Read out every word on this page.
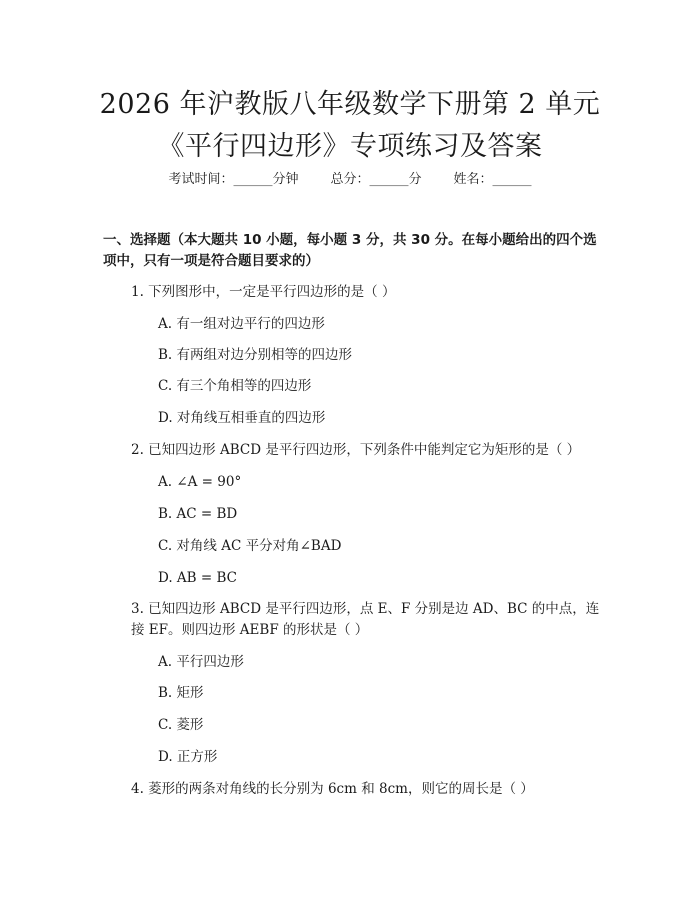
2026 年沪教版八年级数学下册第 2 单元《平行四边形》专项练习及答案
考试时间：______分钟 总分：______分 姓名：______
一、选择题（本大题共 10 小题，每小题 3 分，共 30 分。在每小题给出的四个选项中，只有一项是符合题目要求的）
1. 下列图形中，一定是平行四边形的是（ ）
A. 有一组对边平行的四边形
B. 有两组对边分别相等的四边形
C. 有三个角相等的四边形
D. 对角线互相垂直的四边形
2. 已知四边形 ABCD 是平行四边形，下列条件中能判定它为矩形的是（ ）
A. ∠A = 90°
B. AC = BD
C. 对角线 AC 平分对角∠BAD
D. AB = BC
3. 已知四边形 ABCD 是平行四边形，点 E、F 分别是边 AD、BC 的中点，连接 EF。则四边形 AEBF 的形状是（ ）
A. 平行四边形
B. 矩形
C. 菱形
D. 正方形
4. 菱形的两条对角线的长分别为 6cm 和 8cm，则它的周长是（ ）
